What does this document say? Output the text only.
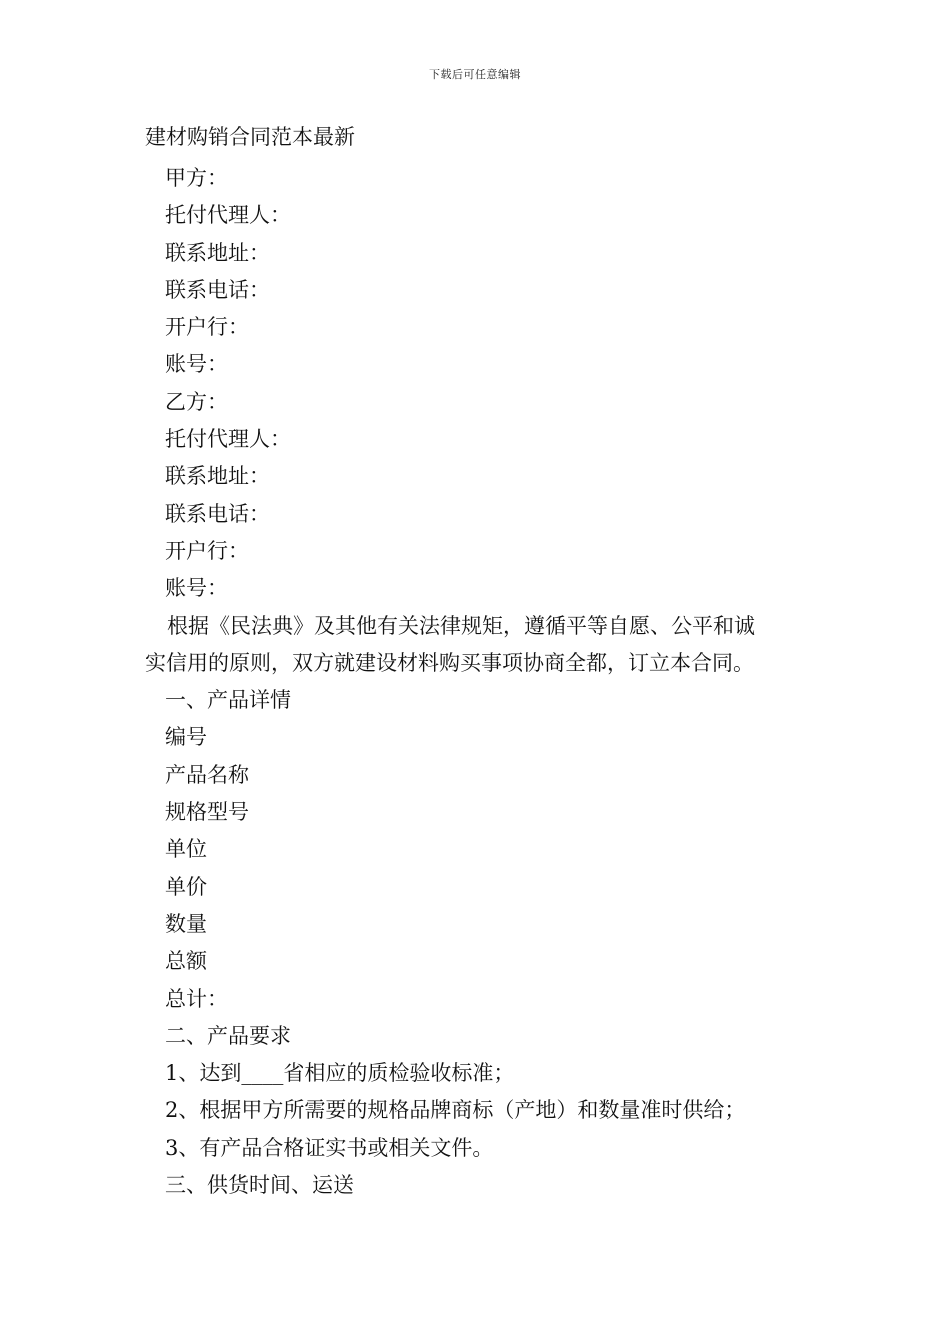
下载后可任意编辑
建材购销合同范本最新
甲方：
托付代理人：
联系地址：
联系电话：
开户行：
账号：
乙方：
托付代理人：
联系地址：
联系电话：
开户行：
账号：
根据《民法典》及其他有关法律规矩，遵循平等自愿、公平和诚
实信用的原则，双方就建设材料购买事项协商全都，订立本合同。
一、产品详情
编号
产品名称
规格型号
单位
单价
数量
总额
总计：
二、产品要求
1、达到____省相应的质检验收标准；
2、根据甲方所需要的规格品牌商标（产地）和数量准时供给；
3、有产品合格证实书或相关文件。
三、供货时间、运送
